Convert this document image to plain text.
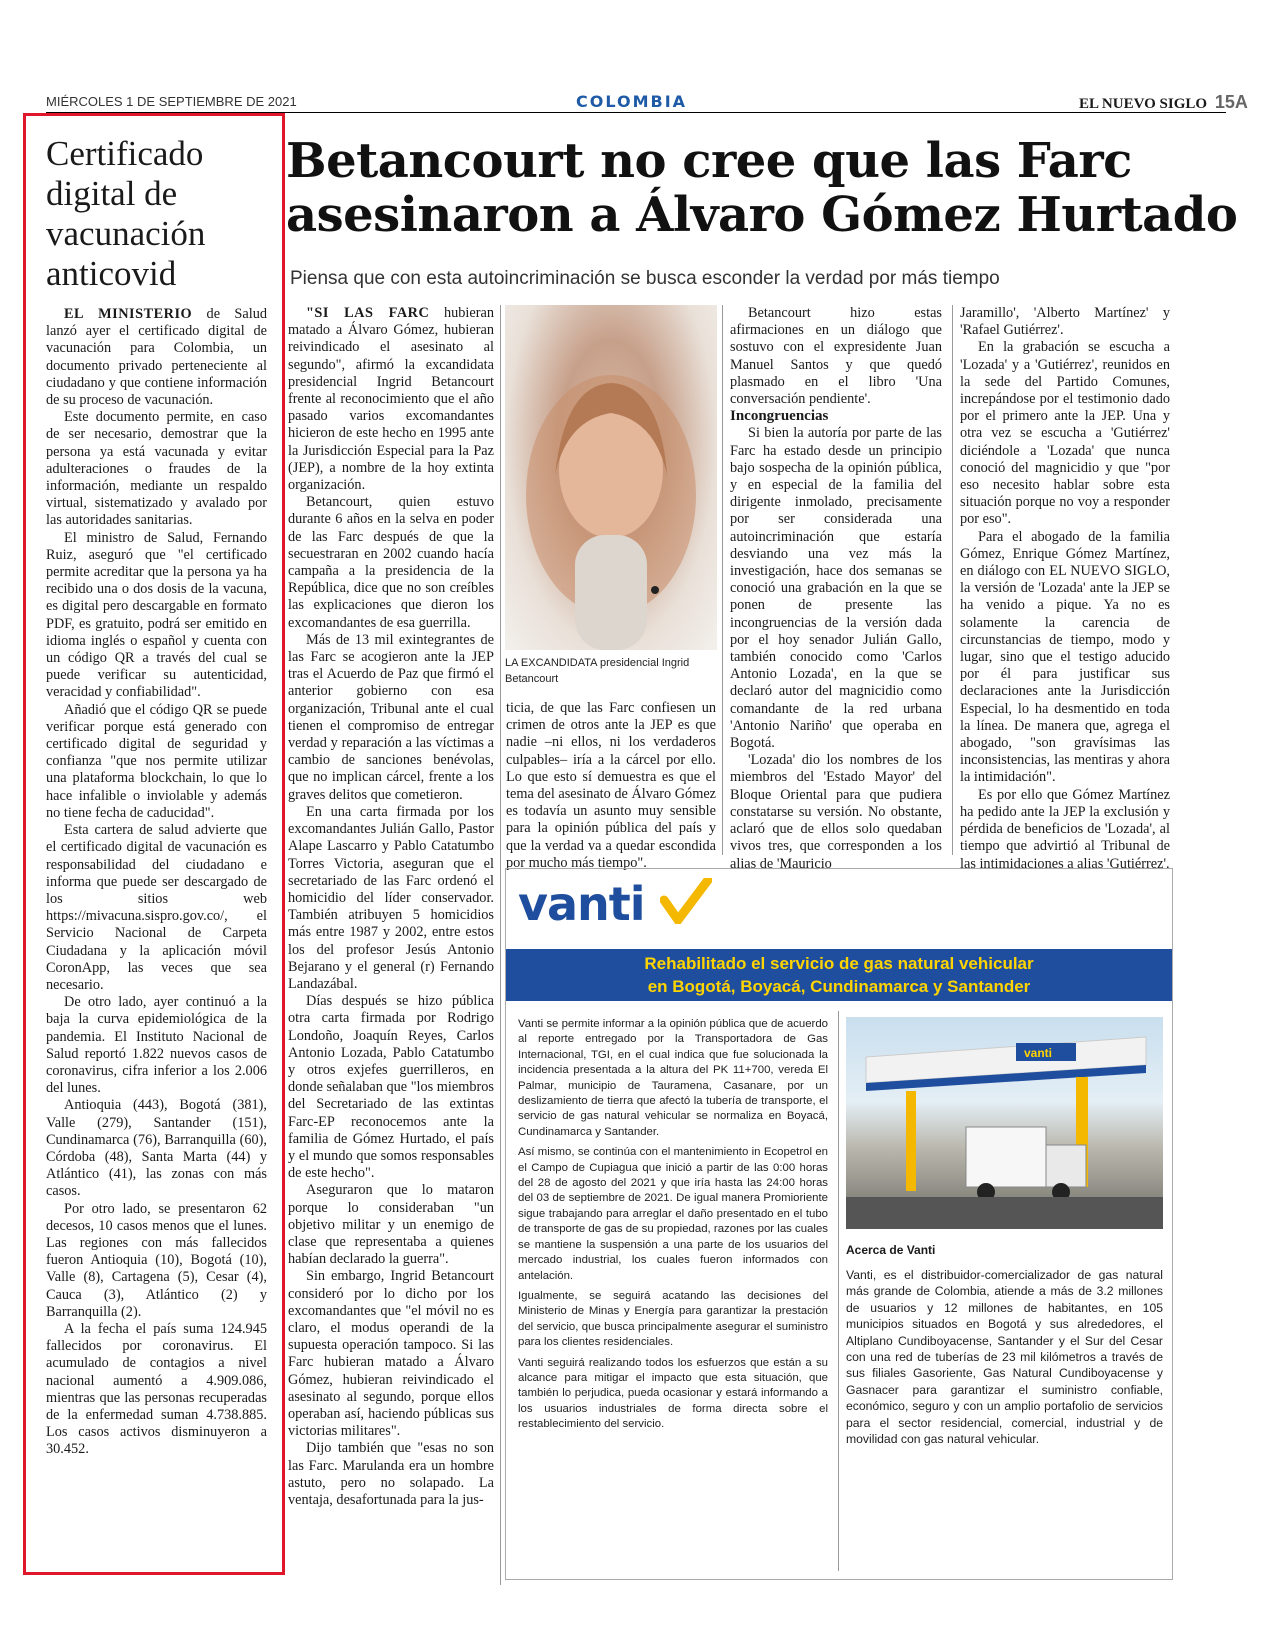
MIÉRCOLES 1 DE SEPTIEMBRE DE 2021	COLOMBIA	EL NUEVO SIGLO 15A
Certificado digital de vacunación anticovid

EL MINISTERIO de Salud lanzó ayer el certificado digital de vacunación para Colombia, un documento privado perteneciente al ciudadano y que contiene información de su proceso de vacunación.

Este documento permite, en caso de ser necesario, demostrar que la persona ya está vacunada y evitar adulteraciones o fraudes de la información, mediante un respaldo virtual, sistematizado y avalado por las autoridades sanitarias.

El ministro de Salud, Fernando Ruiz, aseguró que "el certificado permite acreditar que la persona ya ha recibido una o dos dosis de la vacuna, es digital pero descargable en formato PDF, es gratuito, podrá ser emitido en idioma inglés o español y cuenta con un código QR a través del cual se puede verificar su autenticidad, veracidad y confiabilidad".

Añadió que el código QR se puede verificar porque está generado con certificado digital de seguridad y confianza "que nos permite utilizar una plataforma blockchain, lo que lo hace infalible o inviolable y además no tiene fecha de caducidad".

Esta cartera de salud advierte que el certificado digital de vacunación es responsabilidad del ciudadano e informa que puede ser descargado de los sitios web https://mivacuna.sispro.gov.co/, el Servicio Nacional de Carpeta Ciudadana y la aplicación móvil CoronApp, las veces que sea necesario.

De otro lado, ayer continuó a la baja la curva epidemiológica de la pandemia. El Instituto Nacional de Salud reportó 1.822 nuevos casos de coronavirus, cifra inferior a los 2.006 del lunes.

Antioquia (443), Bogotá (381), Valle (279), Santander (151), Cundinamarca (76), Barranquilla (60), Córdoba (48), Santa Marta (44) y Atlántico (41), las zonas con más casos.

Por otro lado, se presentaron 62 decesos, 10 casos menos que el lunes. Las regiones con más fallecidos fueron Antioquia (10), Bogotá (10), Valle (8), Cartagena (5), Cesar (4), Cauca (3), Atlántico (2) y Barranquilla (2).

A la fecha el país suma 124.945 fallecidos por coronavirus. El acumulado de contagios a nivel nacional aumentó a 4.909.086, mientras que las personas recuperadas de la enfermedad suman 4.738.885. Los casos activos disminuyeron a 30.452.

Betancourt no cree que las Farc asesinaron a Álvaro Gómez Hurtado
Piensa que con esta autoincriminación se busca esconder la verdad por más tiempo

"SI LAS FARC hubieran matado a Álvaro Gómez, hubieran reivindicado el asesinato al segundo", afirmó la excandidata presidencial Ingrid Betancourt frente al reconocimiento que el año pasado varios excomandantes hicieron de este hecho en 1995 ante la Jurisdicción Especial para la Paz (JEP), a nombre de la hoy extinta organización.

Betancourt, quien estuvo durante 6 años en la selva en poder de las Farc después de que la secuestraran en 2002 cuando hacía campaña a la presidencia de la República, dice que no son creíbles las explicaciones que dieron los excomandantes de esa guerrilla.

Más de 13 mil exintegrantes de las Farc se acogieron ante la JEP tras el Acuerdo de Paz que firmó el anterior gobierno con esa organización, Tribunal ante el cual tienen el compromiso de entregar verdad y reparación a las víctimas a cambio de sanciones benévolas, que no implican cárcel, frente a los graves delitos que cometieron.

En una carta firmada por los excomandantes Julián Gallo, Pastor Alape Lascarro y Pablo Catatumbo Torres Victoria, aseguran que el secretariado de las Farc ordenó el homicidio del líder conservador. También atribuyen 5 homicidios más entre 1987 y 2002, entre estos los del profesor Jesús Antonio Bejarano y el general (r) Fernando Landazábal.

Días después se hizo pública otra carta firmada por Rodrigo Londoño, Joaquín Reyes, Carlos Antonio Lozada, Pablo Catatumbo y otros exjefes guerrilleros, en donde señalaban que "los miembros del Secretariado de las extintas Farc-EP reconocemos ante la familia de Gómez Hurtado, el país y el mundo que somos responsables de este hecho".

Aseguraron que lo mataron porque lo consideraban "un objetivo militar y un enemigo de clase que representaba a quienes habían declarado la guerra".

Sin embargo, Ingrid Betancourt consideró por lo dicho por los excomandantes que "el móvil no es claro, el modus operandi de la supuesta operación tampoco. Si las Farc hubieran matado a Álvaro Gómez, hubieran reivindicado el asesinato al segundo, porque ellos operaban así, haciendo públicas sus victorias militares".

Dijo también que "esas no son las Farc. Marulanda era un hombre astuto, pero no solapado. La ventaja, desafortunada para la jus-

LA EXCANDIDATA presidencial Ingrid Betancourt

ticia, de que las Farc confiesen un crimen de otros ante la JEP es que nadie –ni ellos, ni los verdaderos culpables– iría a la cárcel por ello. Lo que esto sí demuestra es que el tema del asesinato de Álvaro Gómez es todavía un asunto muy sensible para la opinión pública del país y que la verdad va a quedar escondida por mucho más tiempo".

Betancourt hizo estas afirmaciones en un diálogo que sostuvo con el expresidente Juan Manuel Santos y que quedó plasmado en el libro 'Una conversación pendiente'.

Incongruencias

Si bien la autoría por parte de las Farc ha estado desde un principio bajo sospecha de la opinión pública, y en especial de la familia del dirigente inmolado, precisamente por ser considerada una autoincriminación que estaría desviando una vez más la investigación, hace dos semanas se conoció una grabación en la que se ponen de presente las incongruencias de la versión dada por el hoy senador Julián Gallo, también conocido como 'Carlos Antonio Lozada', en la que se declaró autor del magnicidio como comandante de la red urbana 'Antonio Nariño' que operaba en Bogotá.

'Lozada' dio los nombres de los miembros del 'Estado Mayor' del Bloque Oriental para que pudiera constatarse su versión. No obstante, aclaró que de ellos solo quedaban vivos tres, que corresponden a los alias de 'Mauricio

Jaramillo', 'Alberto Martínez' y 'Rafael Gutiérrez'.

En la grabación se escucha a 'Lozada' y a 'Gutiérrez', reunidos en la sede del Partido Comunes, increpándose por el testimonio dado por el primero ante la JEP. Una y otra vez se escucha a 'Gutiérrez' diciéndole a 'Lozada' que nunca conoció del magnicidio y que "por eso necesito hablar sobre esta situación porque no voy a responder por eso".

Para el abogado de la familia Gómez, Enrique Gómez Martínez, en diálogo con EL NUEVO SIGLO, la versión de 'Lozada' ante la JEP se ha venido a pique. Ya no es solamente la carencia de circunstancias de tiempo, modo y lugar, sino que el testigo aducido por él para justificar sus declaraciones ante la Jurisdicción Especial, lo ha desmentido en toda la línea. De manera que, agrega el abogado, "son gravísimas las inconsistencias, las mentiras y ahora la intimidación".

Es por ello que Gómez Martínez ha pedido ante la JEP la exclusión y pérdida de beneficios de 'Lozada', al tiempo que advirtió al Tribunal de las intimidaciones a alias 'Gutiérrez'.

vanti
Rehabilitado el servicio de gas natural vehicular
en Bogotá, Boyacá, Cundinamarca y Santander

Vanti se permite informar a la opinión pública que de acuerdo al reporte entregado por la Transportadora de Gas Internacional, TGI, en el cual indica que fue solucionada la incidencia presentada a la altura del PK 11+700, vereda El Palmar, municipio de Tauramena, Casanare, por un deslizamiento de tierra que afectó la tubería de transporte, el servicio de gas natural vehicular se normaliza en Boyacá, Cundinamarca y Santander.

Así mismo, se continúa con el mantenimiento in Ecopetrol en el Campo de Cupiagua que inició a partir de las 0:00 horas del 28 de agosto del 2021 y que iría hasta las 24:00 horas del 03 de septiembre de 2021. De igual manera Promioriente sigue trabajando para arreglar el daño presentado en el tubo de transporte de gas de su propiedad, razones por las cuales se mantiene la suspensión a una parte de los usuarios del mercado industrial, los cuales fueron informados con antelación.

Igualmente, se seguirá acatando las decisiones del Ministerio de Minas y Energía para garantizar la prestación del servicio, que busca principalmente asegurar el suministro para los clientes residenciales.

Vanti seguirá realizando todos los esfuerzos que están a su alcance para mitigar el impacto que esta situación, que también lo perjudica, pueda ocasionar y estará informando a los usuarios industriales de forma directa sobre el restablecimiento del servicio.

vanti
Acerca de Vanti
Vanti, es el distribuidor-comercializador de gas natural más grande de Colombia, atiende a más de 3.2 millones de usuarios y 12 millones de habitantes, en 105 municipios situados en Bogotá y sus alrededores, el Altiplano Cundiboyacense, Santander y el Sur del Cesar con una red de tuberías de 23 mil kilómetros a través de sus filiales Gasoriente, Gas Natural Cundiboyacense y Gasnacer para garantizar el suministro confiable, económico, seguro y con un amplio portafolio de servicios para el sector residencial, comercial, industrial y de movilidad con gas natural vehicular.
